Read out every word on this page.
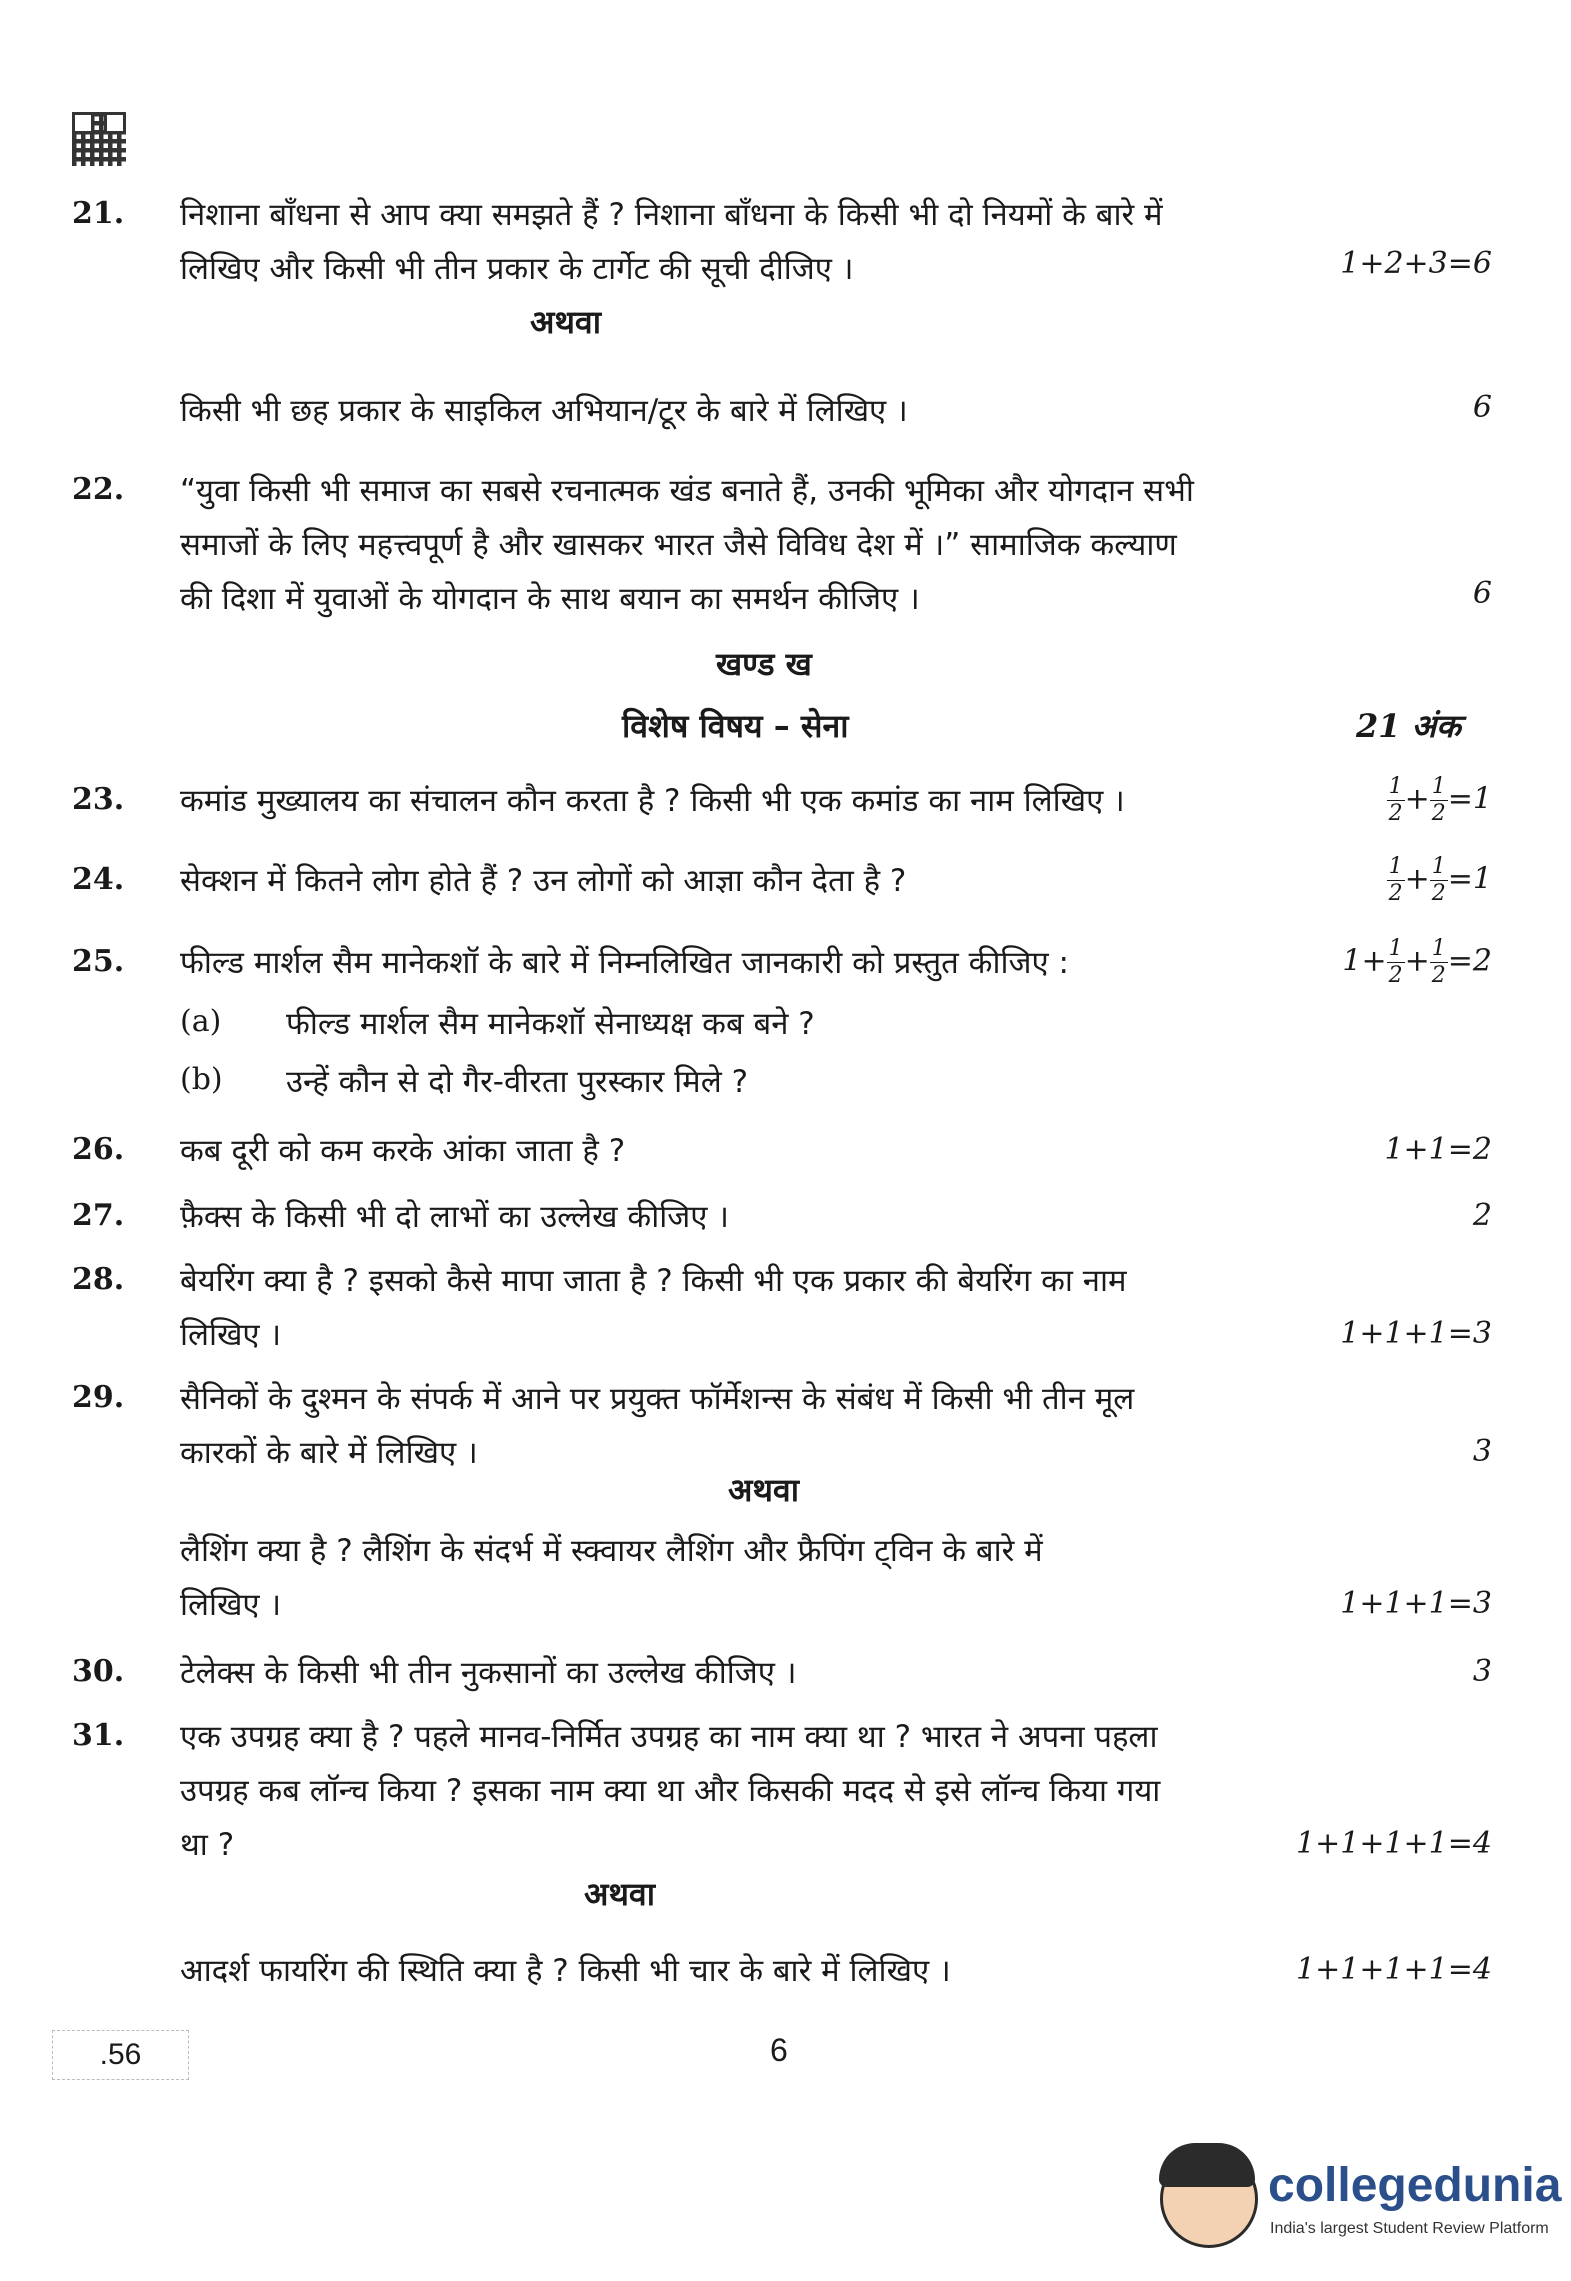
21. निशाना बाँधना से आप क्या समझते हैं ? निशाना बाँधना के किसी भी दो नियमों के बारे में
लिखिए और किसी भी तीन प्रकार के टार्गेट की सूची दीजिए ।	1+2+3=6
अथवा
किसी भी छह प्रकार के साइकिल अभियान/टूर के बारे में लिखिए ।	6
22. “युवा किसी भी समाज का सबसे रचनात्मक खंड बनाते हैं, उनकी भूमिका और योगदान सभी
समाजों के लिए महत्त्वपूर्ण है और खासकर भारत जैसे विविध देश में ।” सामाजिक कल्याण
की दिशा में युवाओं के योगदान के साथ बयान का समर्थन कीजिए ।	6
खण्ड ख
विशेष विषय – सेना	21 अंक
23. कमांड मुख्यालय का संचालन कौन करता है ? किसी भी एक कमांड का नाम लिखिए ।	$\frac{1}{2} + \frac{1}{2} =1$
24. सेक्शन में कितने लोग होते हैं ? उन लोगों को आज्ञा कौन देता है ?	$\frac{1}{2} + \frac{1}{2} =1$
25. फील्ड मार्शल सैम मानेकशॉ के बारे में निम्नलिखित जानकारी को प्रस्तुत कीजिए :	$1+ \frac{1}{2} + \frac{1}{2} =2$
(a) फील्ड मार्शल सैम मानेकशॉ सेनाध्यक्ष कब बने ?
(b) उन्हें कौन से दो गैर-वीरता पुरस्कार मिले ?
26. कब दूरी को कम करके आंका जाता है ?	1+1=2
27. फ़ैक्स के किसी भी दो लाभों का उल्लेख कीजिए ।	2
28. बेयरिंग क्या है ? इसको कैसे मापा जाता है ? किसी भी एक प्रकार की बेयरिंग का नाम
लिखिए ।	1+1+1=3
29. सैनिकों के दुश्मन के संपर्क में आने पर प्रयुक्त फॉर्मेशन्स के संबंध में किसी भी तीन मूल
कारकों के बारे में लिखिए ।	3
अथवा
लैशिंग क्या है ? लैशिंग के संदर्भ में स्क्वायर लैशिंग और फ्रैपिंग ट्विन के बारे में
लिखिए ।	1+1+1=3
30. टेलेक्स के किसी भी तीन नुकसानों का उल्लेख कीजिए ।	3
31. एक उपग्रह क्या है ? पहले मानव-निर्मित उपग्रह का नाम क्या था ? भारत ने अपना पहला
उपग्रह कब लॉन्च किया ? इसका नाम क्या था और किसकी मदद से इसे लॉन्च किया गया
था ?	1+1+1+1=4
अथवा
आदर्श फायरिंग की स्थिति क्या है ? किसी भी चार के बारे में लिखिए ।	1+1+1+1=4
.56	6
collegedunia
India's largest Student Review Platform
